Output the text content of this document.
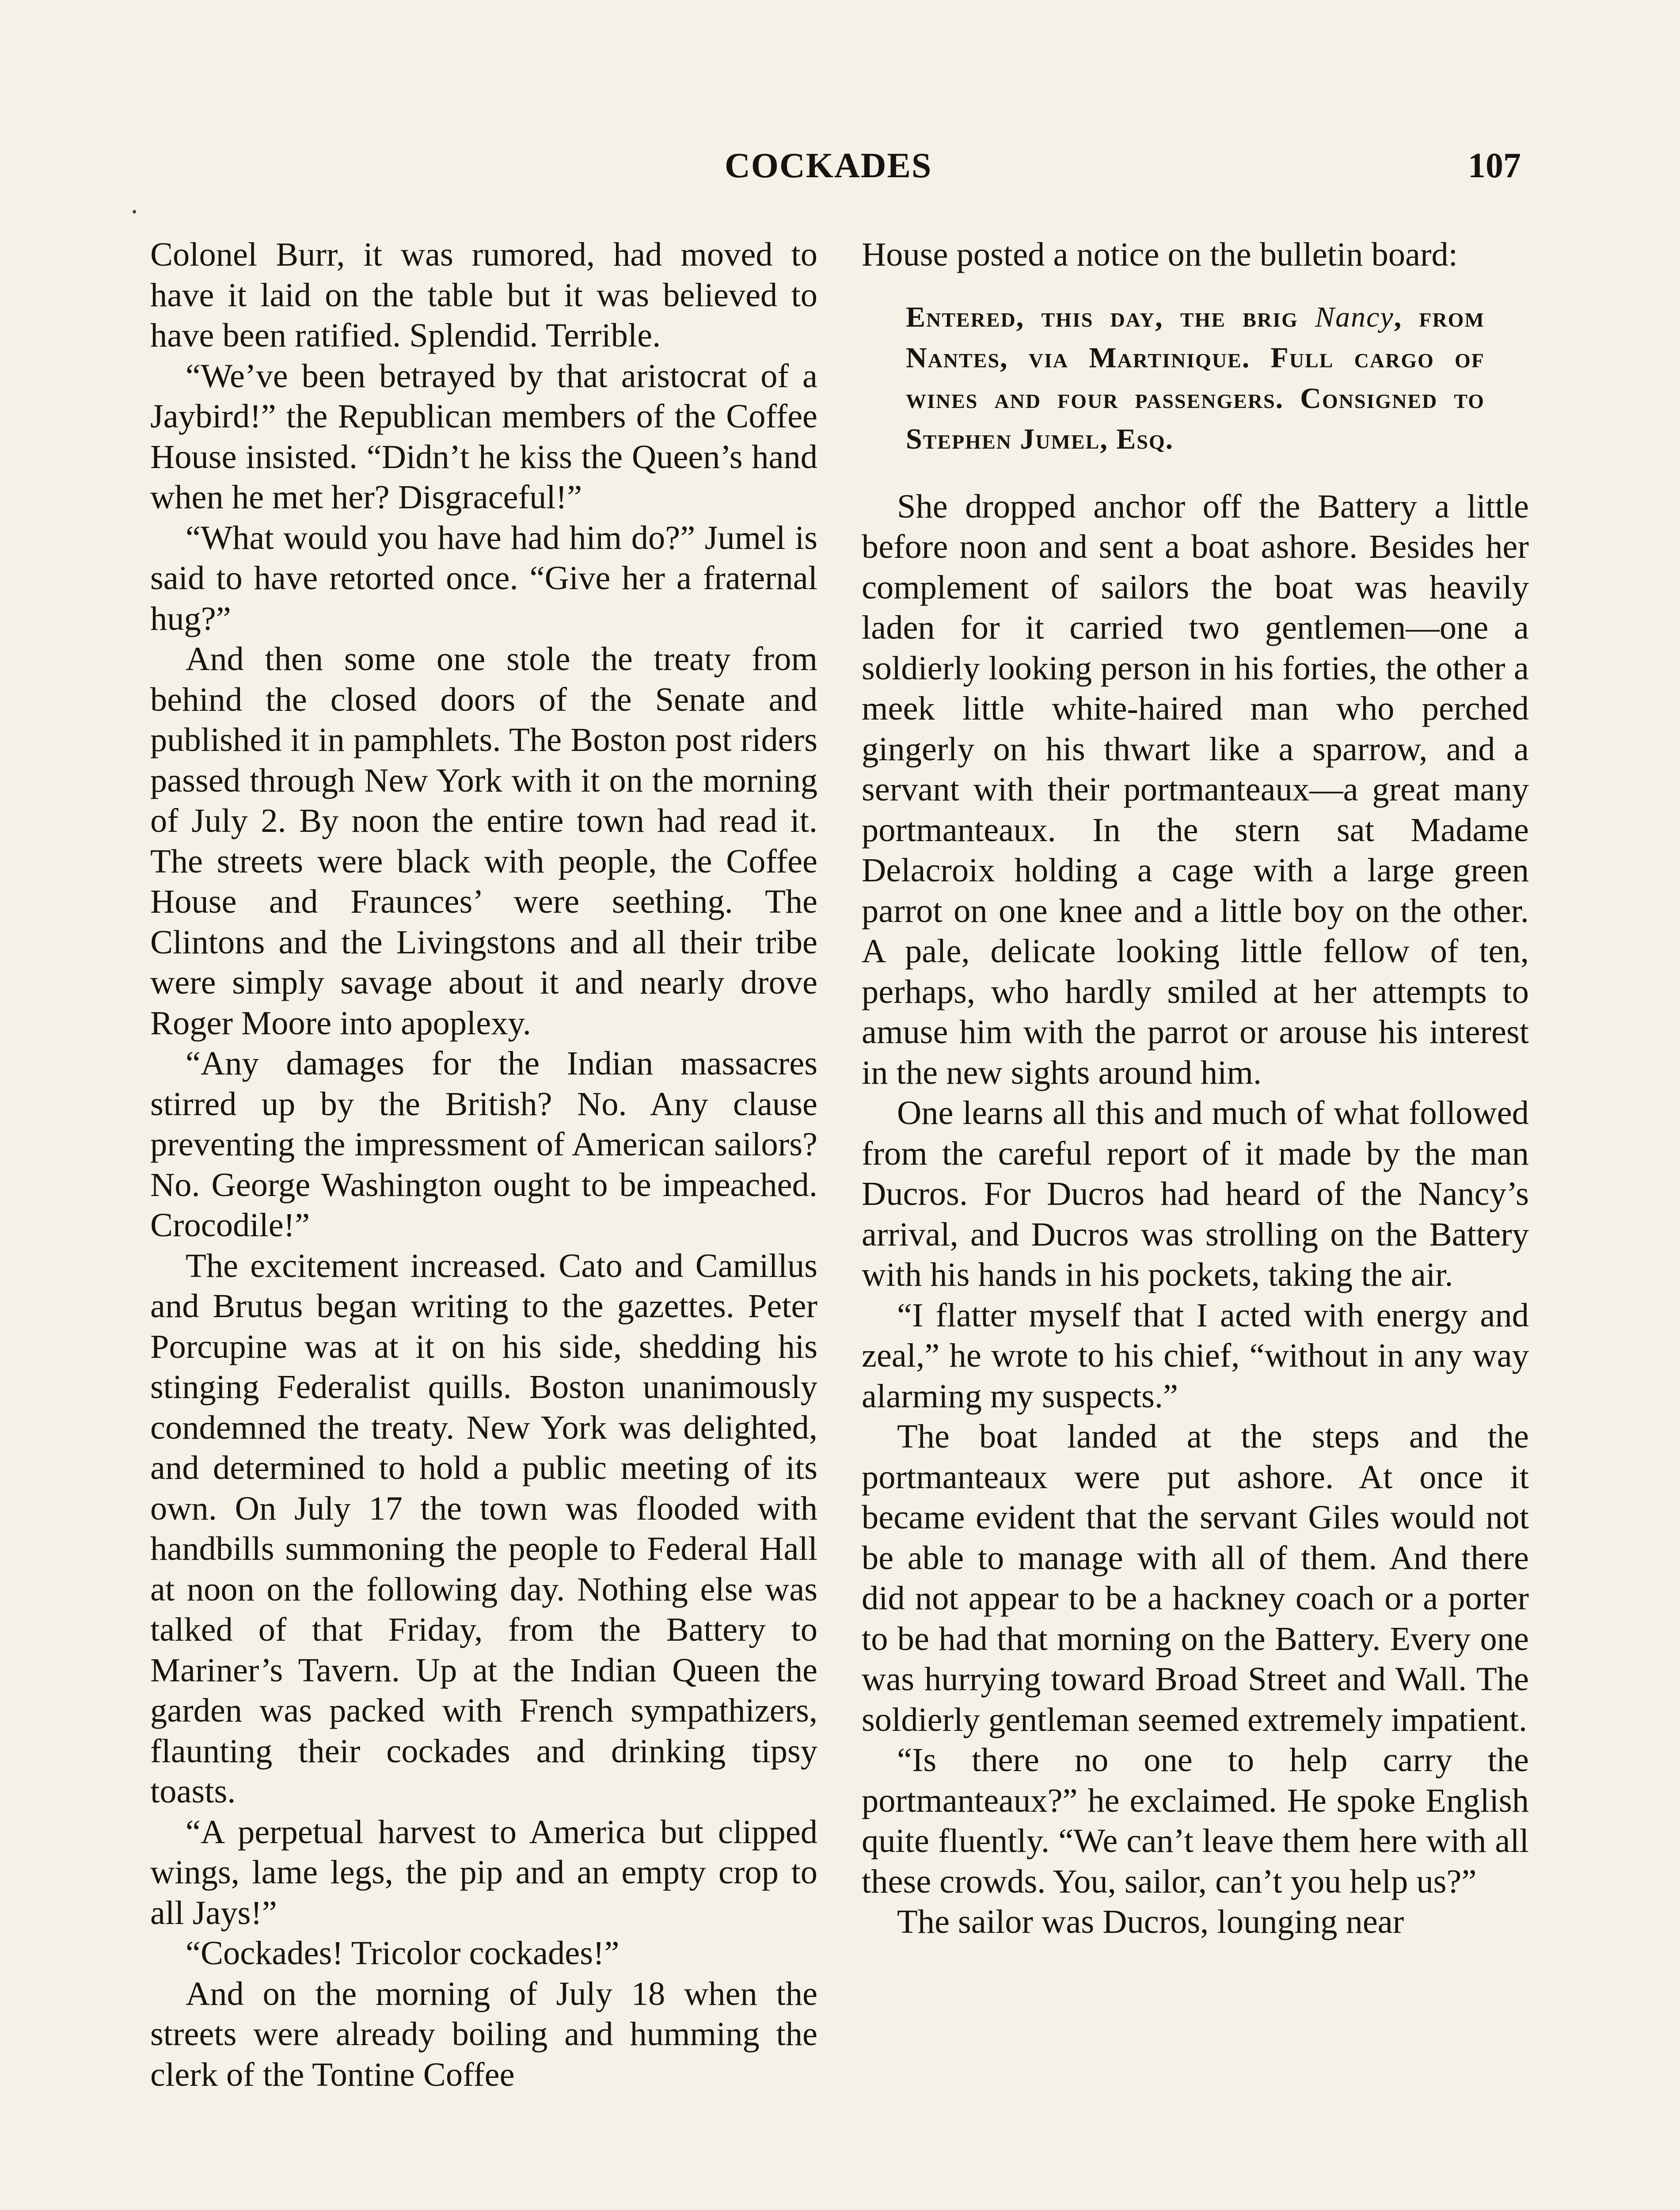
COCKADES	107

Colonel Burr, it was rumored, had moved to have it laid on the table but it was believed to have been ratified. Splendid. Terrible.

“We’ve been betrayed by that aristocrat of a Jaybird!” the Republican members of the Coffee House insisted. “Didn’t he kiss the Queen’s hand when he met her? Disgraceful!”

“What would you have had him do?” Jumel is said to have retorted once. “Give her a fraternal hug?”

And then some one stole the treaty from behind the closed doors of the Senate and published it in pamphlets. The Boston post riders passed through New York with it on the morning of July 2. By noon the entire town had read it. The streets were black with people, the Coffee House and Fraunces’ were seething. The Clintons and the Livingstons and all their tribe were simply savage about it and nearly drove Roger Moore into apoplexy.

“Any damages for the Indian massacres stirred up by the British? No. Any clause preventing the impressment of American sailors? No. George Washington ought to be impeached. Crocodile!”

The excitement increased. Cato and Camillus and Brutus began writing to the gazettes. Peter Porcupine was at it on his side, shedding his stinging Federalist quills. Boston unanimously condemned the treaty. New York was delighted, and determined to hold a public meeting of its own. On July 17 the town was flooded with handbills summoning the people to Federal Hall at noon on the following day. Nothing else was talked of that Friday, from the Battery to Mariner’s Tavern. Up at the Indian Queen the garden was packed with French sympathizers, flaunting their cockades and drinking tipsy toasts.

“A perpetual harvest to America but clipped wings, lame legs, the pip and an empty crop to all Jays!”

“Cockades! Tricolor cockades!”

And on the morning of July 18 when the streets were already boiling and humming the clerk of the Tontine Coffee

House posted a notice on the bulletin board:

Entered, this day, the brig Nancy, from Nantes, via Martinique. Full cargo of wines and four passengers. Consigned to Stephen Jumel, Esq.

She dropped anchor off the Battery a little before noon and sent a boat ashore. Besides her complement of sailors the boat was heavily laden for it carried two gentlemen—one a soldierly looking person in his forties, the other a meek little white-haired man who perched gingerly on his thwart like a sparrow, and a servant with their portmanteaux—a great many portmanteaux. In the stern sat Madame Delacroix holding a cage with a large green parrot on one knee and a little boy on the other. A pale, delicate looking little fellow of ten, perhaps, who hardly smiled at her attempts to amuse him with the parrot or arouse his interest in the new sights around him.

One learns all this and much of what followed from the careful report of it made by the man Ducros. For Ducros had heard of the Nancy’s arrival, and Ducros was strolling on the Battery with his hands in his pockets, taking the air.

“I flatter myself that I acted with energy and zeal,” he wrote to his chief, “without in any way alarming my suspects.”

The boat landed at the steps and the portmanteaux were put ashore. At once it became evident that the servant Giles would not be able to manage with all of them. And there did not appear to be a hackney coach or a porter to be had that morning on the Battery. Every one was hurrying toward Broad Street and Wall. The soldierly gentleman seemed extremely impatient.

“Is there no one to help carry the portmanteaux?” he exclaimed. He spoke English quite fluently. “We can’t leave them here with all these crowds. You, sailor, can’t you help us?”

The sailor was Ducros, lounging near
